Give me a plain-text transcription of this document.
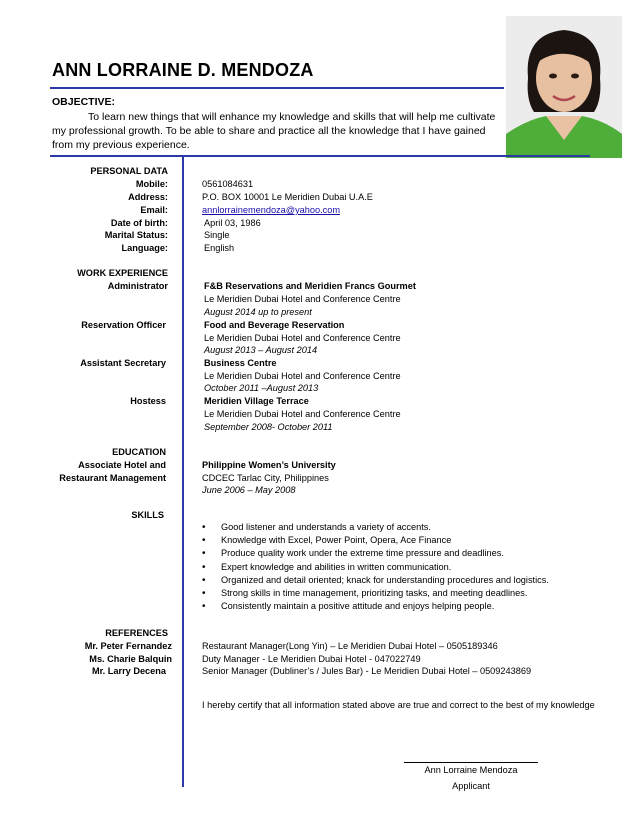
ANN LORRAINE D. MENDOZA
OBJECTIVE:
To learn new things that will enhance my knowledge and skills that will help me cultivate my professional growth. To be able to share and practice all the knowledge that I have gained from my previous experience.
PERSONAL DATA
Mobile:	0561084631
Address:	P.O. BOX 10001 Le Meridien Dubai U.A.E
Email:	annlorrainemendoza@yahoo.com
Date of birth:	April 03, 1986
Marital Status:	Single
Language:	English
WORK EXPERIENCE
Administrator	F&B Reservations and Meridien Francs Gourmet
Le Meridien Dubai Hotel and Conference Centre
August 2014 up to present
Reservation Officer	Food and Beverage Reservation
Le Meridien Dubai Hotel and Conference Centre
August 2013 – August 2014
Assistant Secretary	Business Centre
Le Meridien Dubai Hotel and Conference Centre
October 2011 –August 2013
Hostess	Meridien Village Terrace
Le Meridien Dubai Hotel and Conference Centre
September 2008- October 2011
EDUCATION
Associate Hotel and
Restaurant Management
Philippine Women’s University
CDCEC Tarlac City, Philippines
June 2006 – May 2008
SKILLS
• Good listener and understands a variety of accents.
• Knowledge with Excel, Power Point, Opera, Ace Finance
• Produce quality work under the extreme time pressure and deadlines.
• Expert knowledge and abilities in written communication.
• Organized and detail oriented; knack for understanding procedures and logistics.
• Strong skills in time management, prioritizing tasks, and meeting deadlines.
• Consistently maintain a positive attitude and enjoys helping people.
REFERENCES
Mr. Peter Fernandez	Restaurant Manager(Long Yin) – Le Meridien Dubai Hotel – 0505189346
Ms. Charie Balquin	Duty Manager - Le Meridien Dubai Hotel - 047022749
Mr. Larry Decena	Senior Manager (Dubliner’s / Jules Bar) - Le Meridien Dubai Hotel – 0509243869
I hereby certify that all information stated above are true and correct to the best of my knowledge
Ann Lorraine Mendoza
Applicant
